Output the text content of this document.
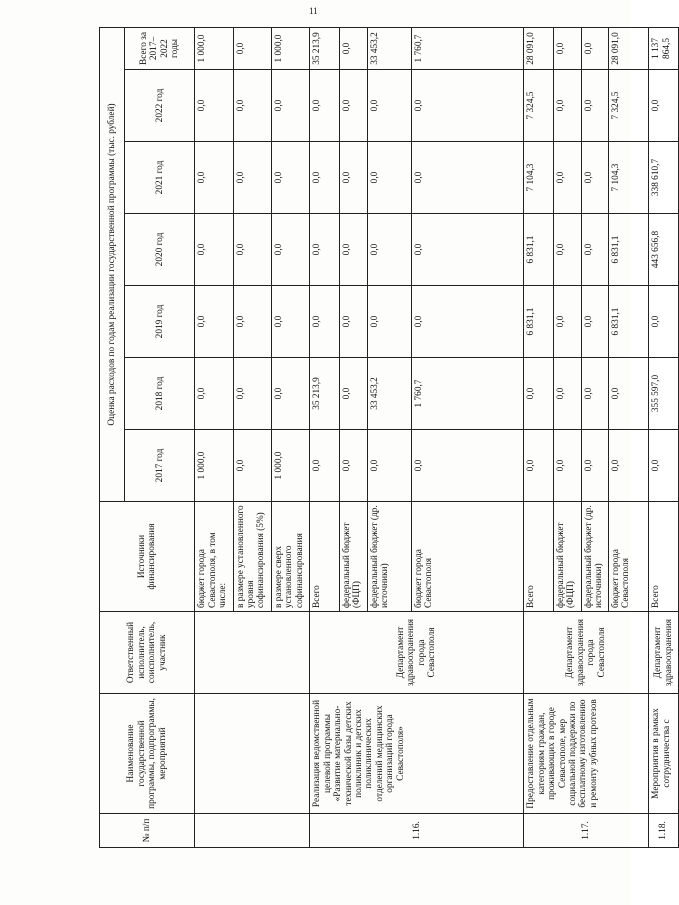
11
№ п/п	Наименование государственной программы, подпрограммы, мероприятий	Ответственный исполнитель, соисполнитель, участник	Источники финансирования	Оценка расходов по годам реализации государственной программы (тыс. рублей)						
				2017 год	2018 год	2019 год	2020 год	2021 год	2022 год	Всего за 2017–2022 годы
			бюджет города Севастополя, в том числе:	1 000,0	0,0	0,0	0,0	0,0	0,0	1 000,0
			в размере установленного уровня софинансирования (5%)	0,0	0,0	0,0	0,0	0,0	0,0	0,0
			в размере сверх установленного софинансирования	1 000,0	0,0	0,0	0,0	0,0	0,0	1 000,0
1.16.	Реализация ведомственной целевой программы «Развитие материально-технической базы детских поликлиник и детских поликлинических отделений медицинских организаций города Севастополя»	Департамент здравоохранения города Севастополя	Всего	0,0	35 213,9	0,0	0,0	0,0	0,0	35 213,9
			федеральный бюджет (ФЦП)	0,0	0,0	0,0	0,0	0,0	0,0	0,0
			федеральный бюджет (др. источники)	0,0	33 453,2	0,0	0,0	0,0	0,0	33 453,2
			бюджет города Севастополя	0,0	1 760,7	0,0	0,0	0,0	0,0	1 760,7
1.17.	Предоставление отдельным категориям граждан, проживающих в городе Севастополе, мер социальной поддержки по бесплатному изготовлению и ремонту зубных протезов	Департамент здравоохранения города Севастополя	Всего	0,0	0,0	6 831,1	6 831,1	7 104,3	7 324,5	28 091,0
			федеральный бюджет (ФЦП)	0,0	0,0	0,0	0,0	0,0	0,0	0,0
			федеральный бюджет (др. источники)	0,0	0,0	0,0	0,0	0,0	0,0	0,0
			бюджет города Севастополя	0,0	0,0	6 831,1	6 831,1	7 104,3	7 324,5	28 091,0
1.18.	Мероприятия в рамках сотрудничества с	Департамент здравоохранения	Всего	0,0	355 597,0	0,0	443 656,8	338 610,7	0,0	1 137 864,5
